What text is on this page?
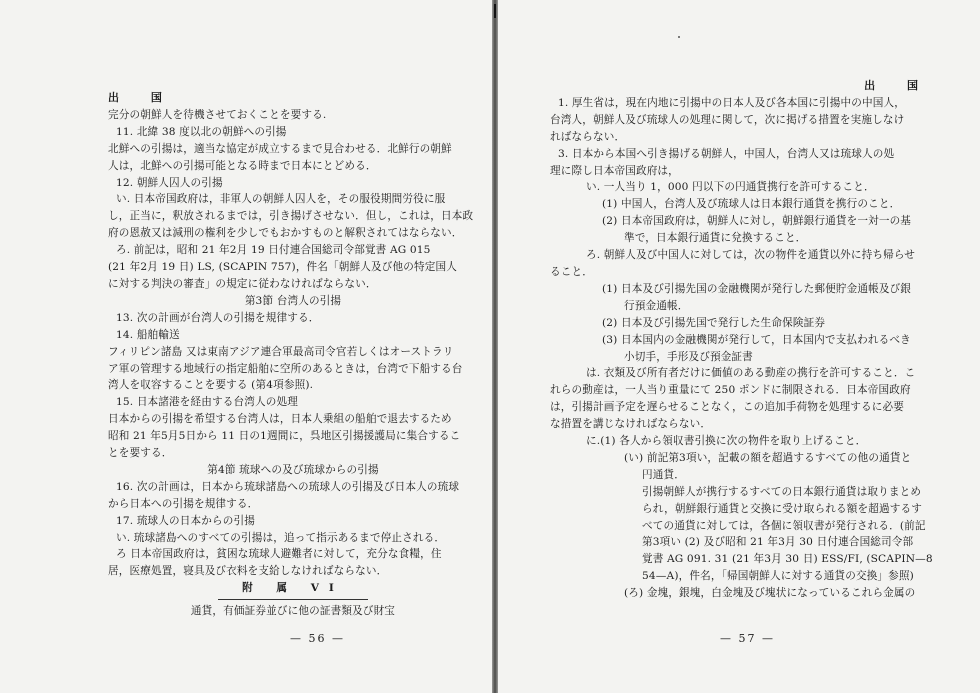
出 国
完分の朝鮮人を待機させておくことを要する.
11. 北緯 38 度以北の朝鮮への引揚
北鮮への引揚は，適当な協定が成立するまで見合わせる．北鮮行の朝鮮
人は，北鮮への引揚可能となる時まで日本にとどめる．
12. 朝鮮人囚人の引揚
い. 日本帝国政府は，非軍人の朝鮮人囚人を，その服役期間労役に服
し，正当に，釈放されるまでは，引き揚げさせない．但し，これは，日本政
府の恩赦又は減刑の権利を少しでもおかすものと解釈されてはならない．
ろ. 前記は，昭和 21 年2月 19 日付連合国総司令部覚書 AG 015
(21 年2月 19 日) LS, (SCAPIN 757)，件名「朝鮮人及び他の特定国人
に対する判決の審査」の規定に従わなければならない．
第3節 台湾人の引揚
13. 次の計画が台湾人の引揚を規律する．
14. 船舶輸送
フィリピン諸島 又は東南アジア連合軍最高司令官若しくはオーストラリ
ア軍の管理する地域行の指定船舶に空所のあるときは，台湾で下船する台
湾人を収容することを要する (第4項参照).
15. 日本諸港を経由する台湾人の処理
日本からの引揚を希望する台湾人は，日本人乗組の船舶で退去するため
昭和 21 年5月5日から 11 日の1週間に，呉地区引揚援護局に集合するこ
とを要する．
第4節 琉球への及び琉球からの引揚
16. 次の計画は，日本から琉球諸島への琉球人の引揚及び日本人の琉球
から日本への引揚を規律する．
17. 琉球人の日本からの引揚
い. 琉球諸島へのすべての引揚は，追って指示あるまで停止される．
ろ 日本帝国政府は，貧困な琉球人避難者に対して，充分な食糧，住
居，医療処置，寝具及び衣料を支給しなければならない．
附 属 VI
通貨，有価証券並びに他の証書類及び財宝
— 56 —
出 国
1. 厚生省は，現在内地に引揚中の日本人及び各本国に引揚中の中国人，
台湾人，朝鮮人及び琉球人の処理に関して，次に掲げる措置を実施しなけ
ればならない．
3. 日本から本国へ引き揚げる朝鮮人，中国人，台湾人又は琉球人の処
理に際し日本帝国政府は，
い. 一人当り 1，000 円以下の円通貨携行を許可すること．
(1) 中国人，台湾人及び琉球人は日本銀行通貨を携行のこと．
(2) 日本帝国政府は，朝鮮人に対し，朝鮮銀行通貨を一対一の基
準で，日本銀行通貨に兌換すること．
ろ. 朝鮮人及び中国人に対しては，次の物件を通貨以外に持ち帰らせ
ること．
(1) 日本及び引揚先国の金融機関が発行した郵便貯金通帳及び銀
行預金通帳．
(2) 日本及び引揚先国で発行した生命保険証券
(3) 日本国内の金融機関が発行して，日本国内で支払われるべき
小切手，手形及び預金証書
は. 衣類及び所有者だけに価値のある動産の携行を許可すること．こ
れらの動産は，一人当り重量にて 250 ポンドに制限される．日本帝国政府
は，引揚計画予定を遅らせることなく，この追加手荷物を処理するに必要
な措置を講じなければならない．
に.(1) 各人から領収書引換に次の物件を取り上げること．
(い) 前記第3項い，記載の額を超過するすべての他の通貨と
円通貨．
引揚朝鮮人が携行するすべての日本銀行通貨は取りまとめ
られ，朝鮮銀行通貨と交換に受け取られる額を超過するす
べての通貨に対しては，各個に領収書が発行される．(前記
第3項い (2) 及び昭和 21 年3月 30 日付連合国総司令部
覚書 AG 091. 31 (21 年3月 30 日) ESS/FI, (SCAPIN—8
54—A)，件名，「帰国朝鮮人に対する通貨の交換」参照)
(ろ) 金塊，銀塊，白金塊及び塊状になっているこれら金属の
— 57 —
